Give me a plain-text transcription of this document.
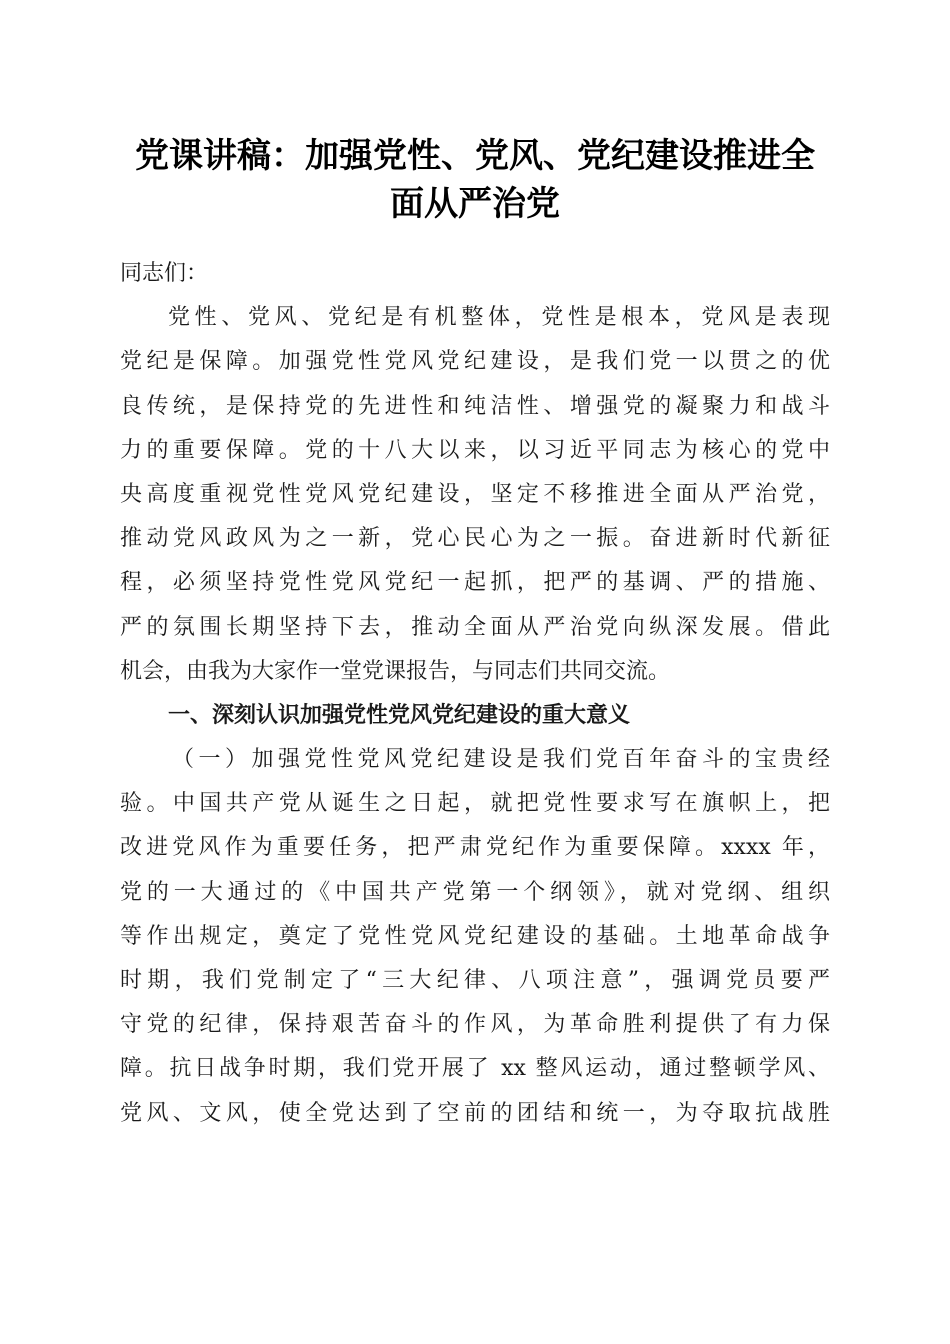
党课讲稿：加强党性、党风、党纪建设推进全
面从严治党
同志们：
党性、党风、党纪是有机整体，党性是根本，党风是表现
党纪是保障。加强党性党风党纪建设，是我们党一以贯之的优
良传统，是保持党的先进性和纯洁性、增强党的凝聚力和战斗
力的重要保障。党的十八大以来，以习近平同志为核心的党中
央高度重视党性党风党纪建设，坚定不移推进全面从严治党，
推动党风政风为之一新，党心民心为之一振。奋进新时代新征
程，必须坚持党性党风党纪一起抓，把严的基调、严的措施、
严的氛围长期坚持下去，推动全面从严治党向纵深发展。借此
机会，由我为大家作一堂党课报告，与同志们共同交流。
一、深刻认识加强党性党风党纪建设的重大意义
（一）加强党性党风党纪建设是我们党百年奋斗的宝贵经
验。中国共产党从诞生之日起，就把党性要求写在旗帜上，把
改进党风作为重要任务，把严肃党纪作为重要保障。xxxx 年，
党的一大通过的《中国共产党第一个纲领》，就对党纲、组织
等作出规定，奠定了党性党风党纪建设的基础。土地革命战争
时期，我们党制定了“三大纪律、八项注意”，强调党员要严
守党的纪律，保持艰苦奋斗的作风，为革命胜利提供了有力保
障。抗日战争时期，我们党开展了 xx 整风运动，通过整顿学风、
党风、文风，使全党达到了空前的团结和统一，为夺取抗战胜
